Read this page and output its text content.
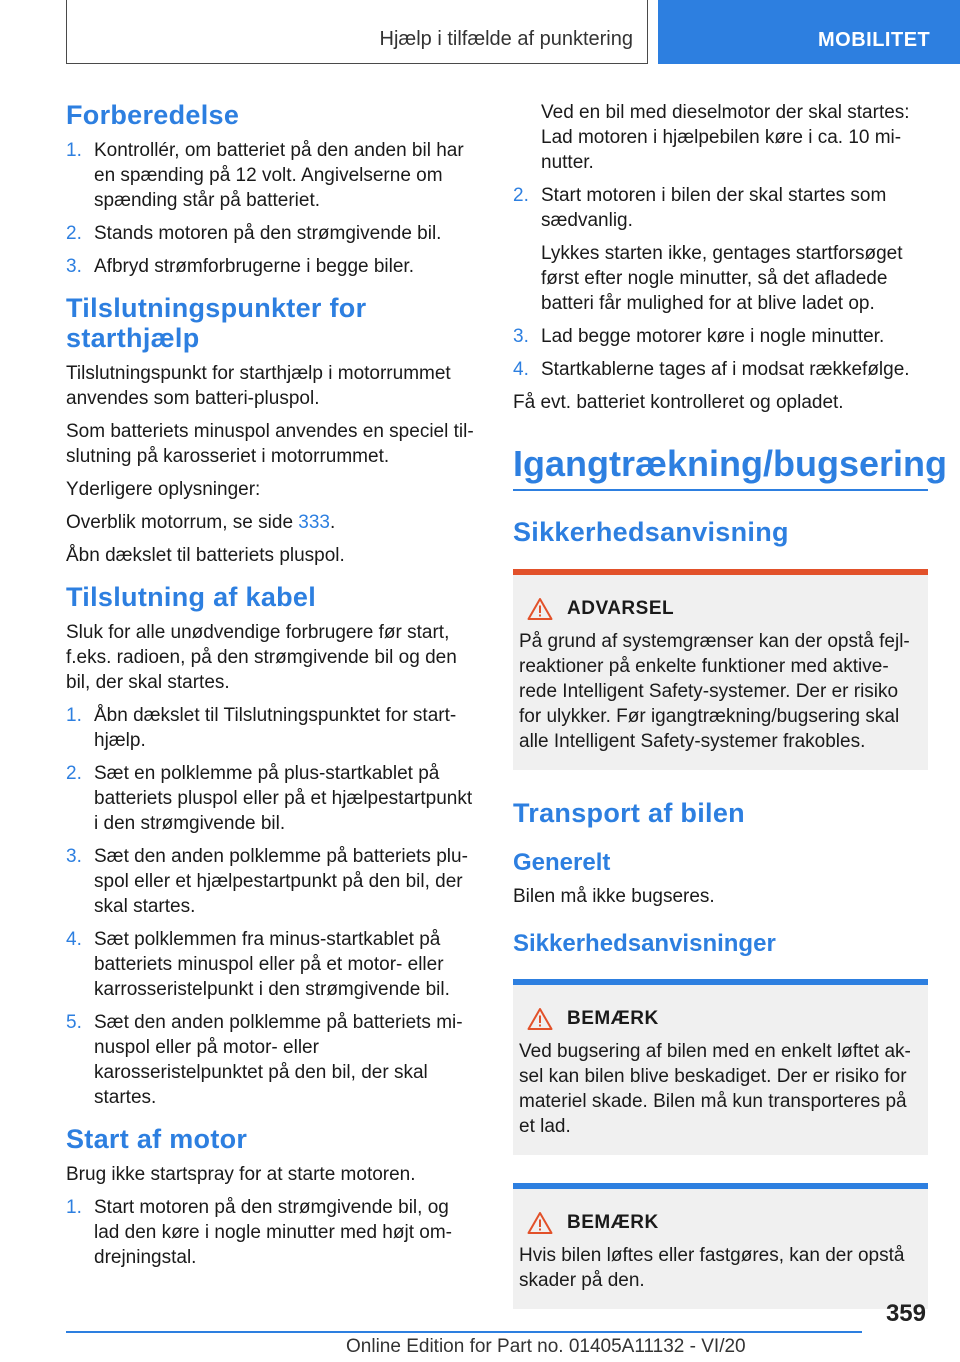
Hjælp i tilfælde af punktering	MOBILITET
Forberedelse
1. Kontrollér, om batteriet på den anden bil har en spænding på 12 volt. Angivelserne om spænding står på batteriet.
2. Stands motoren på den strømgivende bil.
3. Afbryd strømforbrugerne i begge biler.
Tilslutningspunkter for starthjælp

Tilslutningspunkt for starthjælp i motorrummet anvendes som batteri-pluspol.

Som batteriets minuspol anvendes en speciel tilslutning på karosseriet i motorrummet.

Yderligere oplysninger:

Overblik motorrum, se side 333.

Åbn dækslet til batteriets pluspol.

Tilslutning af kabel

Sluk for alle unødvendige forbrugere før start, f.eks. radioen, på den strømgivende bil og den bil, der skal startes.

1. Åbn dækslet til Tilslutningspunktet for starthjælp.
2. Sæt en polklemme på plus-startkablet på batteriets pluspol eller på et hjælpestartpunkt i den strømgivende bil.
3. Sæt den anden polklemme på batteriets pluspol eller et hjælpestartpunkt på den bil, der skal startes.
4. Sæt polklemmen fra minus-startkablet på batteriets minuspol eller på et motor- eller karrosseristelpunkt i den strømgivende bil.
5. Sæt den anden polklemme på batteriets minuspol eller på motor- eller karosseristelpunktet på den bil, der skal startes.
Start af motor

Brug ikke startspray for at starte motoren.

1. Start motoren på den strømgivende bil, og lad den køre i nogle minutter med højt omdrejningstal.

Ved en bil med dieselmotor der skal startes: Lad motoren i hjælpebilen køre i ca. 10 minutter.

2. Start motoren i bilen der skal startes som sædvanlig.
Lykkes starten ikke, gentages startforsøget først efter nogle minutter, så det afladede batteri får mulighed for at blive ladet op.
3. Lad begge motorer køre i nogle minutter.
4. Startkablerne tages af i modsat rækkefølge.

Få evt. batteriet kontrolleret og opladet.

Igangtrækning/bugsering
Sikkerhedsanvisning
ADVARSEL

På grund af systemgrænser kan der opstå fejlreaktioner på enkelte funktioner med aktiverede Intelligent Safety-systemer. Der er risiko for ulykker. Før igangtrækning/bugsering skal alle Intelligent Safety-systemer frakobles.

Transport af bilen
Generelt

Bilen må ikke bugseres.

Sikkerhedsanvisninger
BEMÆRK

Ved bugsering af bilen med en enkelt løftet aksel kan bilen blive beskadiget. Der er risiko for materiel skade. Bilen må kun transporteres på et lad.

BEMÆRK

Hvis bilen løftes eller fastgøres, kan der opstå skader på den.

359
Online Edition for Part no. 01405A11132 - VI/20
